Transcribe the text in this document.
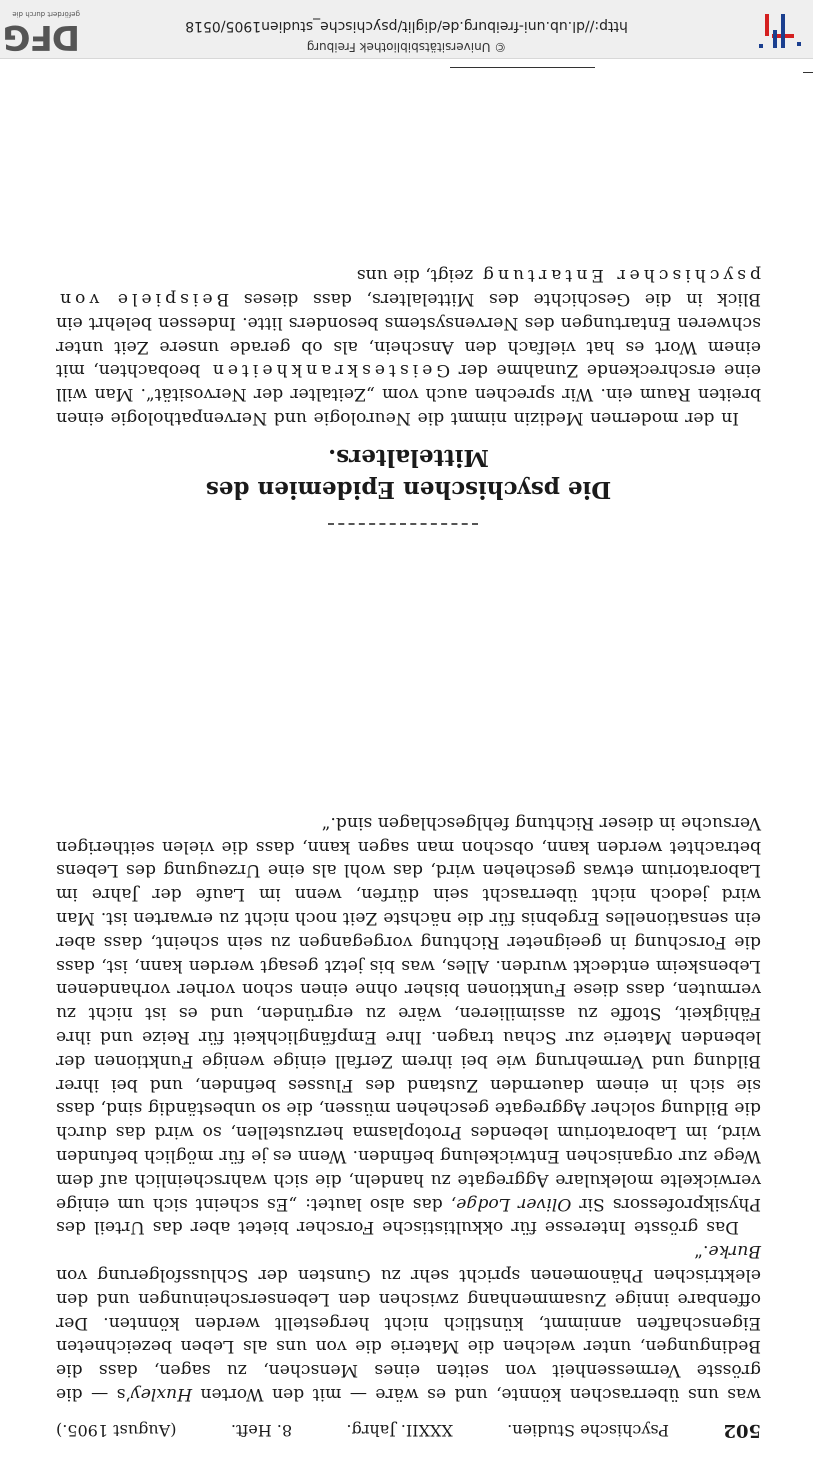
502
Psychische Studien.
XXXII. Jahrg.
8. Heft.
(August 1905.)

was uns überraschen könnte, und es wäre — mit den Worten Huxley’s — die grösste Vermessenheit von seiten eines Menschen, zu sagen, dass die Bedingungen, unter welchen die Materie die von uns als Leben bezeichneten Eigenschaften annimmt, künstlich nicht hergestellt werden könnten. Der offenbare innige Zusammenhang zwischen den Lebenserscheinungen und den elektrischen Phänomenen spricht sehr zu Gunsten der Schlussfolgerung von Burke.“

Das grösste Interesse für okkultistische Forscher bietet aber das Urteil des Physikprofessors Sir Oliver Lodge, das also lautet: „Es scheint sich um einige verwickelte molekulare Aggregate zu handeln, die sich wahrscheinlich auf dem Wege zur organischen Entwickelung befinden. Wenn es je für möglich befunden wird, im Laboratorium lebendes Protoplasma herzustellen, so wird das durch die Bildung solcher Aggregate geschehen müssen, die so unbeständig sind, dass sie sich in einem dauernden Zustand des Flusses befinden, und bei ihrer Bildung und Vermehrung wie bei ihrem Zerfall einige wenige Funktionen der lebenden Materie zur Schau tragen. Ihre Empfänglichkeit für Reize und ihre Fähigkeit, Stoffe zu assimilieren, wäre zu ergründen, und es ist nicht zu vermuten, dass diese Funktionen bisher ohne einen schon vorher vorhandenen Lebenskeim entdeckt wurden. Alles, was bis jetzt gesagt werden kann, ist, dass die Forschung in geeigneter Richtung vorgegangen zu sein scheint, dass aber ein sensationelles Ergebnis für die nächste Zeit noch nicht zu erwarten ist. Man wird jedoch nicht überrascht sein dürfen, wenn im Laufe der Jahre im Laboratorium etwas geschehen wird, das wohl als eine Urzeugung des Lebens betrachtet werden kann, obschon man sagen kann, dass die vielen seitherigen Versuche in dieser Richtung fehlgeschlagen sind.“

Die psychischen Epidemien des
Mittelalters.

In der modernen Medizin nimmt die Neurologie und Nervenpathologie einen breiten Raum ein. Wir sprechen auch vom „Zeitalter der Nervosität“. Man will eine erschreckende Zunahme der Geisteskrankheiten beobachten, mit einem Wort es hat vielfach den Anschein, als ob gerade unsere Zeit unter schweren Entartungen des Nervensystems besonders litte. Indessen belehrt ein Blick in die Geschichte des Mittelalters, dass dieses Beispiele von psychischer Entartung zeigt, die uns

© Universitätsbibliothek Freiburg
http://dl.ub.uni-freiburg.de/diglit/psychische_studien1905/0518
DFG
gefördert durch die
